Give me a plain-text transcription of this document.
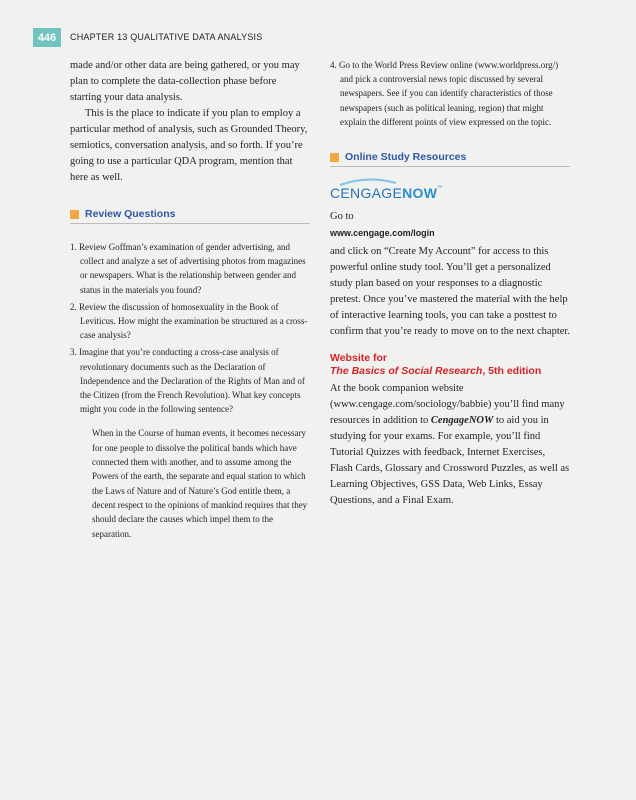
446	CHAPTER 13 QUALITATIVE DATA ANALYSIS

made and/or other data are being gathered, or you may plan to complete the data-collection phase before starting your data analysis.

This is the place to indicate if you plan to employ a particular method of analysis, such as Grounded Theory, semiotics, conversation analysis, and so forth. If you’re going to use a particular QDA program, mention that here as well.

Review Questions
1. Review Goffman’s examination of gender advertising, and collect and analyze a set of advertising photos from magazines or newspapers. What is the relationship between gender and status in the materials you found?
2. Review the discussion of homosexuality in the Book of Leviticus. How might the examination be structured as a cross-case analysis?
3. Imagine that you’re conducting a cross-case analysis of revolutionary documents such as the Declaration of Independence and the Declaration of the Rights of Man and of the Citizen (from the French Revolution). What key concepts might you code in the following sentence?

When in the Course of human events, it becomes necessary for one people to dissolve the political bands which have connected them with another, and to assume among the Powers of the earth, the separate and equal station to which the Laws of Nature and of Nature’s God entitle them, a decent respect to the opinions of mankind requires that they should declare the causes which impel them to the separation.

4. Go to the World Press Review online (www.worldpress.org/) and pick a controversial news topic discussed by several newspapers. See if you can identify characteristics of those newspapers (such as political leaning, region) that might explain the different points of view expressed on the topic.

Online Study Resources
CENGAGENOW™

Go to

www.cengage.com/login

and click on “Create My Account” for access to this powerful online study tool. You’ll get a personalized study plan based on your responses to a diagnostic pretest. Once you’ve mastered the material with the help of interactive learning tools, you can take a posttest to confirm that you’re ready to move on to the next chapter.

Website for
The Basics of Social Research, 5th edition

At the book companion website (www.cengage.com/sociology/babbie) you’ll find many resources in addition to CengageNOW to aid you in studying for your exams. For example, you’ll find Tutorial Quizzes with feedback, Internet Exercises, Flash Cards, Glossary and Crossword Puzzles, as well as Learning Objectives, GSS Data, Web Links, Essay Questions, and a Final Exam.
